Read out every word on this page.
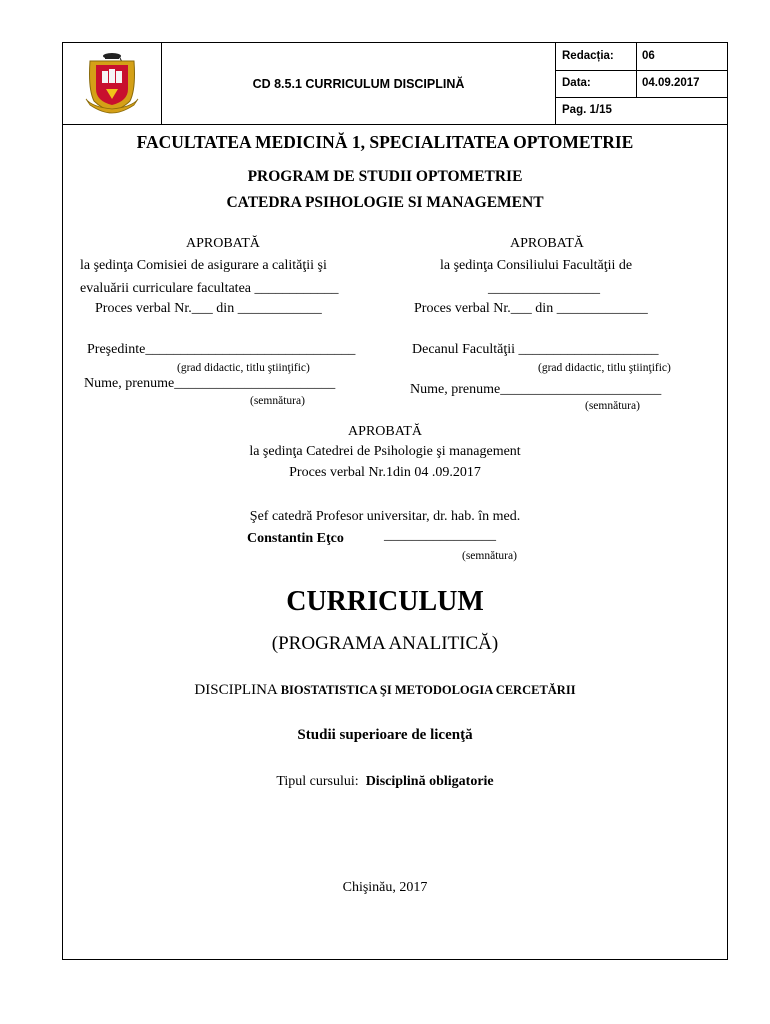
CD 8.5.1 CURRICULUM DISCIPLINĂ
Redacția: 06
Data:	04.09.2017
Pag. 1/15
FACULTATEA MEDICINĂ 1, SPECIALITATEA OPTOMETRIE
PROGRAM DE STUDII OPTOMETRIE
CATEDRA PSIHOLOGIE SI MANAGEMENT
APROBATĂ
la şedinţa Comisiei de asigurare a calităţii şi
evaluării curriculare facultatea ____________
Proces verbal Nr.___ din ____________
Preşedinte______________________________
(grad didactic, titlu ştiinţific)
Nume, prenume_______________________
(semnătura)
APROBATĂ
la şedinţa Consiliului Facultăţii de
________________
Proces verbal Nr.___ din _____________
Decanul Facultăţii ____________________
(grad didactic, titlu ştiinţific)
Nume, prenume_______________________
(semnătura)
APROBATĂ
la şedinţa Catedrei de Psihologie şi management
Proces verbal Nr.1din 04 .09.2017
Şef catedră Profesor universitar, dr. hab. în med.
Constantin Eţco	________________
(semnătura)
CURRICULUM
(PROGRAMA ANALITICĂ)
DISCIPLINA BIOSTATISTICA ŞI METODOLOGIA CERCETĂRII
Studii superioare de licenţă
Tipul cursului: Disciplină obligatorie
Chişinău, 2017
